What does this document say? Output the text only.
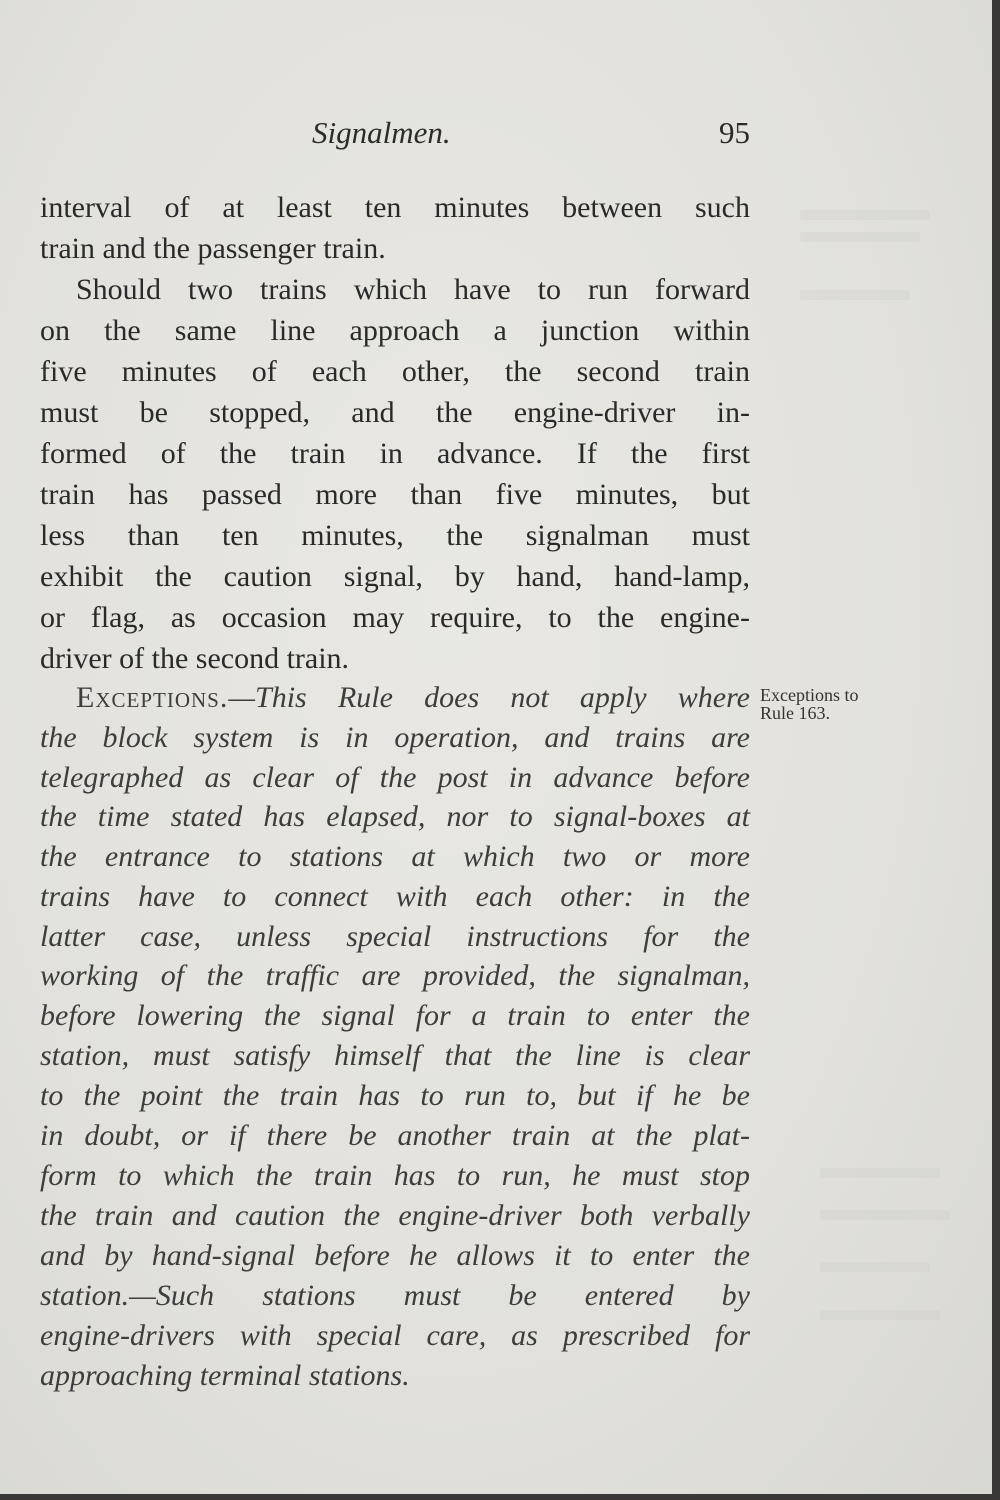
Signalmen.	95
interval of at least ten minutes between such
train and the passenger train.
Should two trains which have to run forward
on the same line approach a junction within
five minutes of each other, the second train
must be stopped, and the engine-driver in-
formed of the train in advance. If the first
train has passed more than five minutes, but
less than ten minutes, the signalman must
exhibit the caution signal, by hand, hand-lamp,
or flag, as occasion may require, to the engine-
driver of the second train.
Exceptions.—This Rule does not apply where
the block system is in operation, and trains are
telegraphed as clear of the post in advance before
the time stated has elapsed, nor to signal-boxes at
the entrance to stations at which two or more
trains have to connect with each other: in the
latter case, unless special instructions for the
working of the traffic are provided, the signalman,
before lowering the signal for a train to enter the
station, must satisfy himself that the line is clear
to the point the train has to run to, but if he be
in doubt, or if there be another train at the plat-
form to which the train has to run, he must stop
the train and caution the engine-driver both verbally
and by hand-signal before he allows it to enter the
station.—Such stations must be entered by
engine-drivers with special care, as prescribed for
approaching terminal stations.
Exceptions to
Rule 163.
